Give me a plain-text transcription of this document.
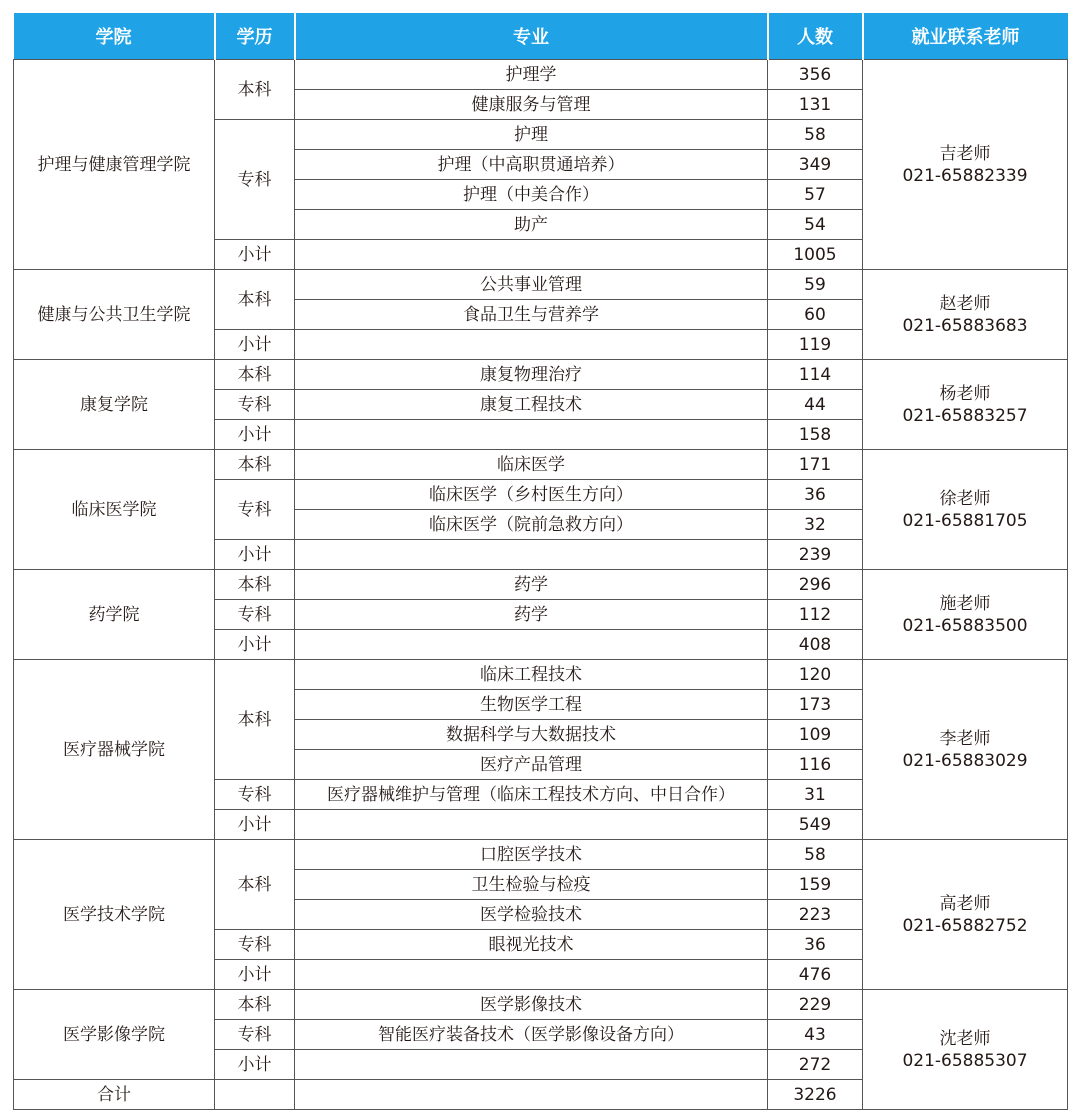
学院	学历	专业	人数	就业联系老师
护理与健康管理学院	本科	护理学	356	吉老师
021-65882339

		健康服务与管理	131	
	专科	护理	58	
		护理（中高职贯通培养）	349	
		护理（中美合作）	57	
		助产	54	
	小计		1005	
健康与公共卫生学院	本科	公共事业管理	59	赵老师
021-65883683

		食品卫生与营养学	60	
	小计		119	
康复学院	本科	康复物理治疗	114	杨老师
021-65883257

	专科	康复工程技术	44	
	小计		158	
临床医学院	本科	临床医学	171	徐老师
021-65881705

	专科	临床医学（乡村医生方向）	36	
		临床医学（院前急救方向）	32	
	小计		239	
药学院	本科	药学	296	施老师
021-65883500

	专科	药学	112	
	小计		408	
医疗器械学院	本科	临床工程技术	120	李老师
021-65883029

		生物医学工程	173	
		数据科学与大数据技术	109	
		医疗产品管理	116	
	专科	医疗器械维护与管理（临床工程技术方向、中日合作）	31	
	小计		549	
医学技术学院	本科	口腔医学技术	58	高老师
021-65882752

		卫生检验与检疫	159	
		医学检验技术	223	
	专科	眼视光技术	36	
	小计		476	
医学影像学院	本科	医学影像技术	229	沈老师
021-65885307

	专科	智能医疗装备技术（医学影像设备方向）	43	
	小计		272	
合计			3226	
